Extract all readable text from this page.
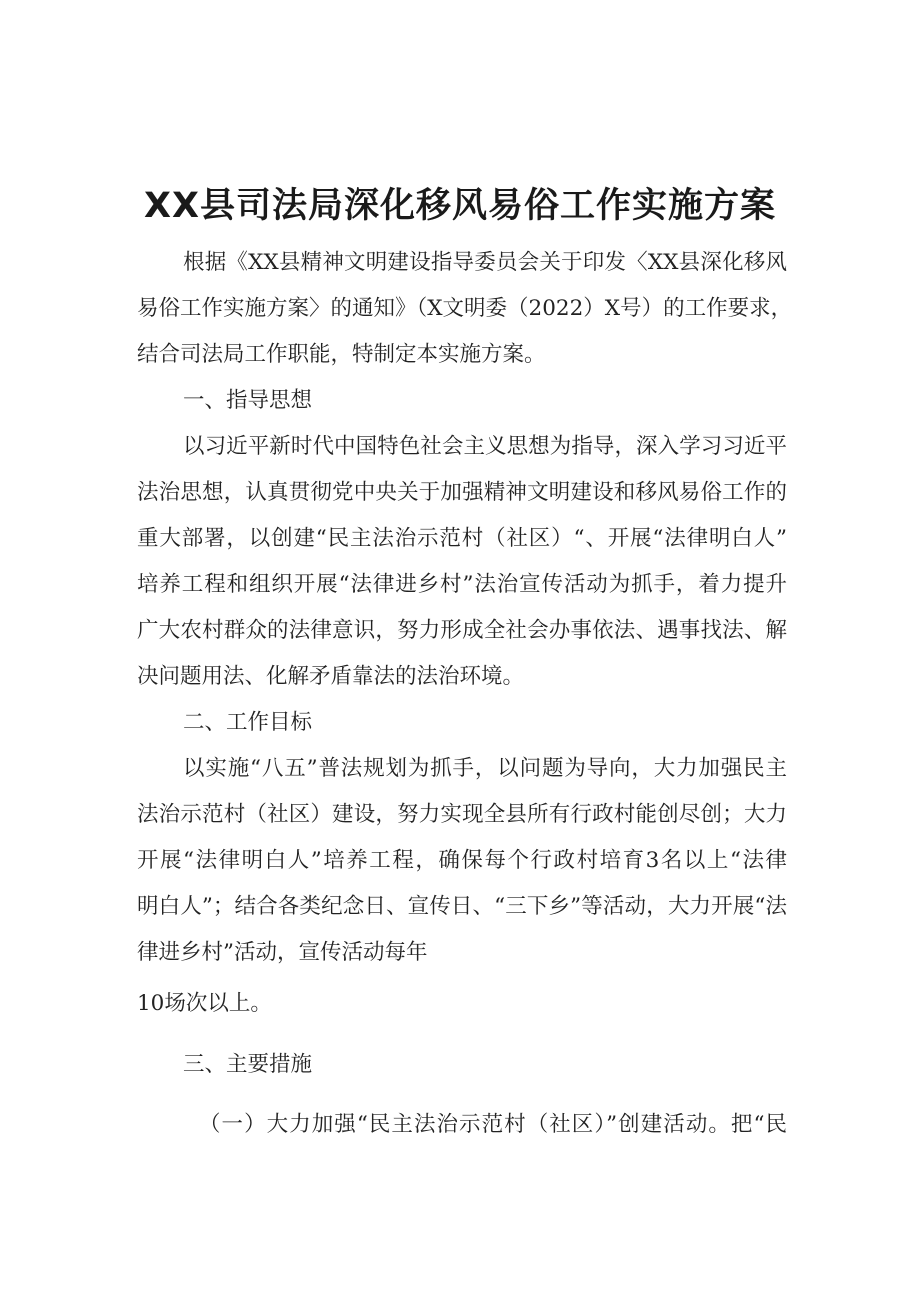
XX县司法局深化移风易俗工作实施方案
根据《XX县精神文明建设指导委员会关于印发〈XX县深化移风
易俗工作实施方案〉的通知》（X文明委（2022）X号）的工作要求，
结合司法局工作职能，特制定本实施方案。
一、指导思想
以习近平新时代中国特色社会主义思想为指导，深入学习习近平
法治思想，认真贯彻党中央关于加强精神文明建设和移风易俗工作的
重大部署，以创建“民主法治示范村（社区）“、开展“法律明白人”
培养工程和组织开展“法律进乡村”法治宣传活动为抓手，着力提升
广大农村群众的法律意识，努力形成全社会办事依法、遇事找法、解
决问题用法、化解矛盾靠法的法治环境。
二、工作目标
以实施“八五”普法规划为抓手，以问题为导向，大力加强民主
法治示范村（社区）建设，努力实现全县所有行政村能创尽创；大力
开展“法律明白人”培养工程，确保每个行政村培育3名以上“法律
明白人”；结合各类纪念日、宣传日、“三下乡”等活动，大力开展“法
律进乡村”活动，宣传活动每年
10场次以上。
三、主要措施
（一）大力加强“民主法治示范村（社区）”创建活动。把“民
